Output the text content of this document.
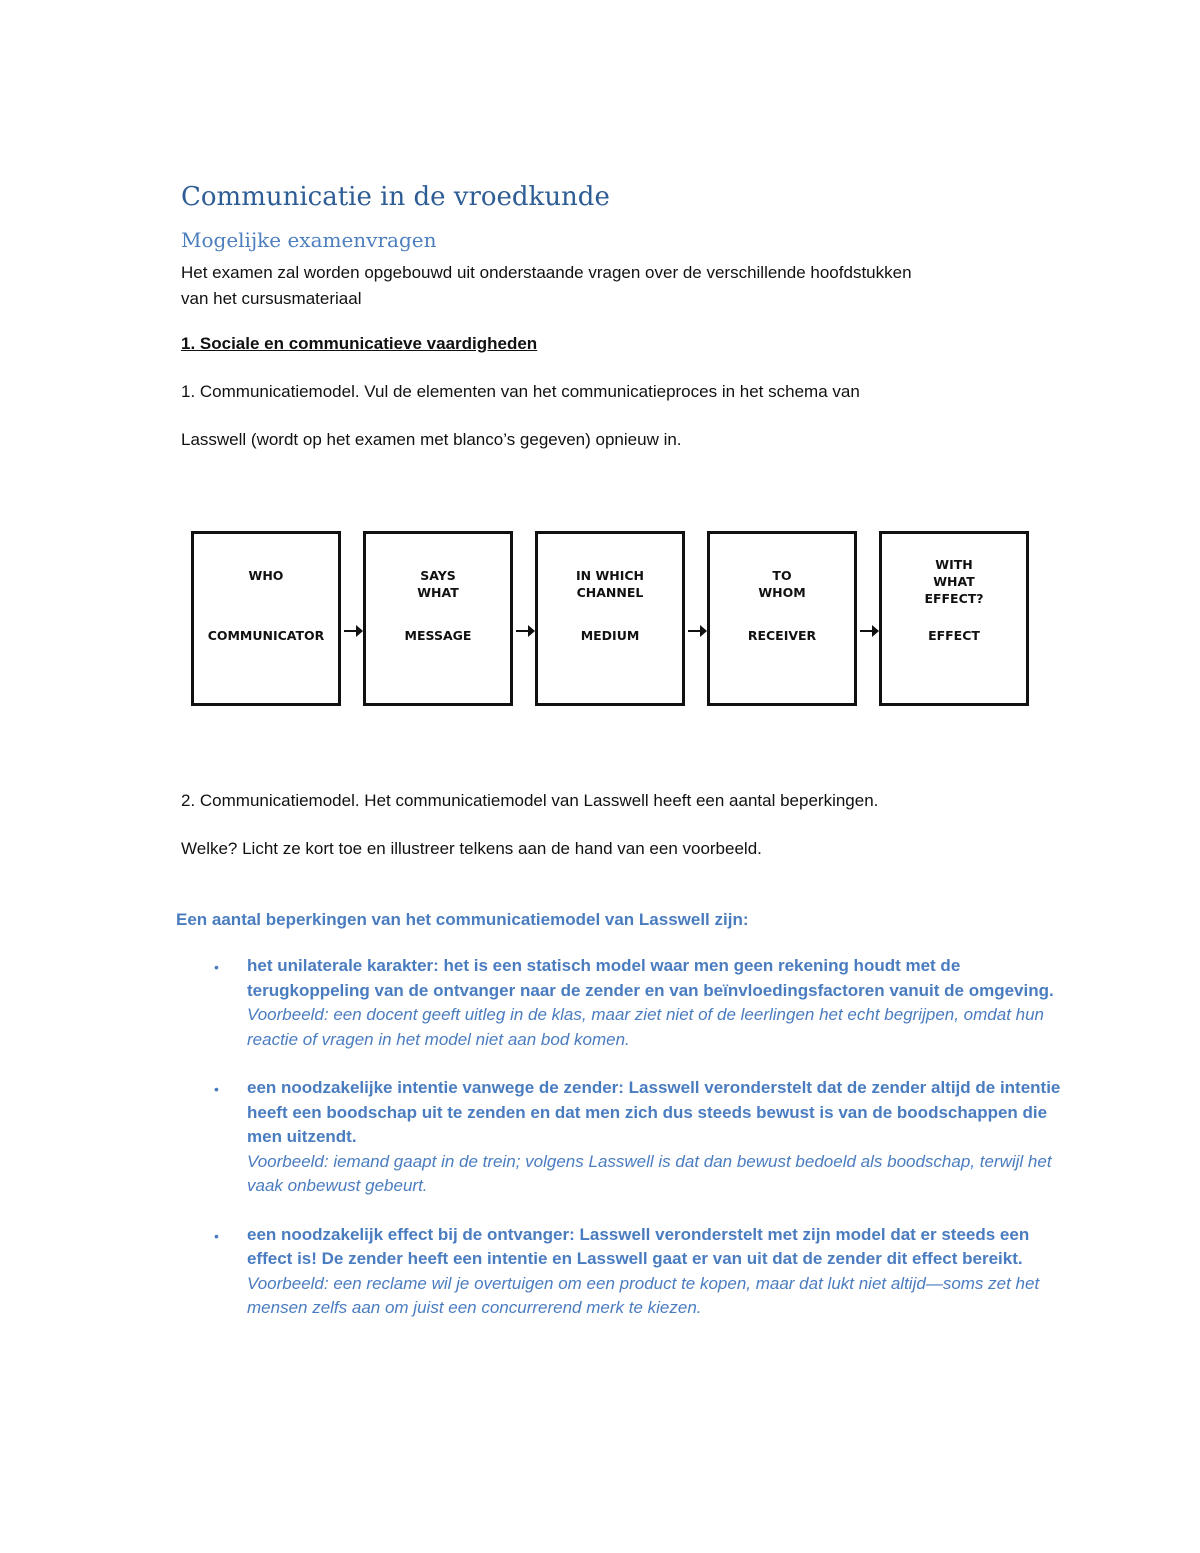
Communicatie in de vroedkunde
Mogelijke examenvragen

Het examen zal worden opgebouwd uit onderstaande vragen over de verschillende hoofdstukken
van het cursusmateriaal

1. Sociale en communicatieve vaardigheden

1. Communicatiemodel. Vul de elementen van het communicatieproces in het schema van

Lasswell (wordt op het examen met blanco’s gegeven) opnieuw in.

WHO
COMMUNICATOR
SAYS
WHAT
MESSAGE
IN WHICH
CHANNEL
MEDIUM
TO
WHOM
RECEIVER
WITH
WHAT
EFFECT?
EFFECT

2. Communicatiemodel. Het communicatiemodel van Lasswell heeft een aantal beperkingen.

Welke? Licht ze kort toe en illustreer telkens aan de hand van een voorbeeld.

Een aantal beperkingen van het communicatiemodel van Lasswell zijn:

• het unilaterale karakter: het is een statisch model waar men geen rekening houdt met de terugkoppeling van de ontvanger naar de zender en van beïnvloedingsfactoren vanuit de omgeving.
Voorbeeld: een docent geeft uitleg in de klas, maar ziet niet of de leerlingen het echt begrijpen, omdat hun reactie of vragen in het model niet aan bod komen.
• een noodzakelijke intentie vanwege de zender: Lasswell veronderstelt dat de zender altijd de intentie heeft een boodschap uit te zenden en dat men zich dus steeds bewust is van de boodschappen die men uitzendt.
Voorbeeld: iemand gaapt in de trein; volgens Lasswell is dat dan bewust bedoeld als boodschap, terwijl het vaak onbewust gebeurt.
• een noodzakelijk effect bij de ontvanger: Lasswell veronderstelt met zijn model dat er steeds een effect is! De zender heeft een intentie en Lasswell gaat er van uit dat de zender dit effect bereikt.
Voorbeeld: een reclame wil je overtuigen om een product te kopen, maar dat lukt niet altijd—soms zet het mensen zelfs aan om juist een concurrerend merk te kiezen.
